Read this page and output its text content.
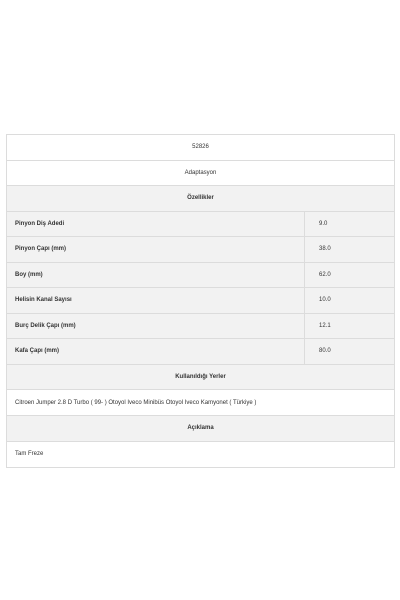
52826	
Adaptasyon	
Özellikler	
Pinyon Diş Adedi	9.0
Pinyon Çapı (mm)	38.0
Boy (mm)	62.0
Helisin Kanal Sayısı	10.0
Burç Delik Çapı (mm)	12.1
Kafa Çapı (mm)	80.0
Kullanıldığı Yerler	
Citroen Jumper 2.8 D Turbo ( 99- ) Otoyol Iveco Minibüs Otoyol Iveco Kamyonet ( Türkiye )	
Açıklama	
Tam Freze	
